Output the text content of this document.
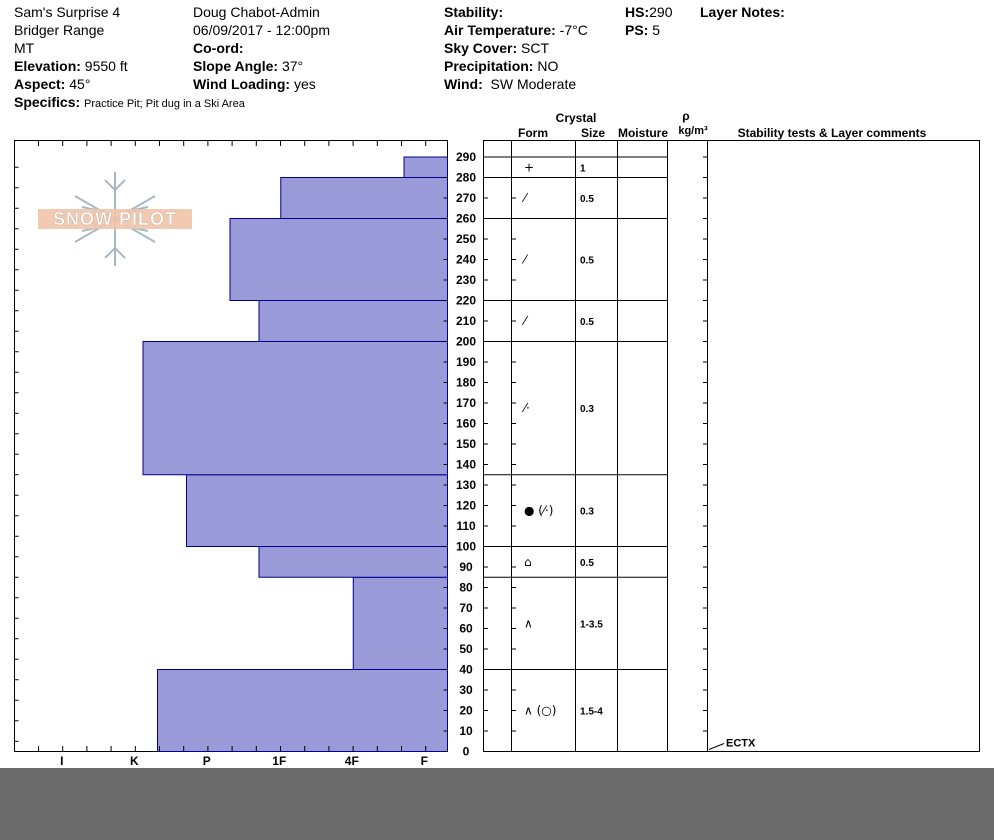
Sam's Surprise 4
Bridger Range
MT
Elevation: 9550 ft
Aspect: 45°
Specifics: Practice Pit; Pit dug in a Ski Area
Doug Chabot-Admin
06/09/2017 - 12:00pm
Co-ord:
Slope Angle: 37°
Wind Loading: yes
Stability:
Air Temperature: -7°C
Sky Cover: SCT
Precipitation: NO
Wind: SW Moderate
HS:290
PS: 5
Layer Notes:
SNOW PILOT
Crystal
Form	Size Moisture
ρ
kg/m³ Stability tests & Layer comments
0
10
20
30
40
50
60
70
80
90
100
110
120
130
140
150
160
170
180
190
200
210
220
230
240
250
260
270
280
290
I	K	P	1F	4F	F
∧ (○) 1.5-4
∧	1-3.5
⌂	0.5
● (⁄·)	0.3
⁄·	0.3
⁄	0.5
⁄	0.5
⁄	0.5
+	1
ECTX
